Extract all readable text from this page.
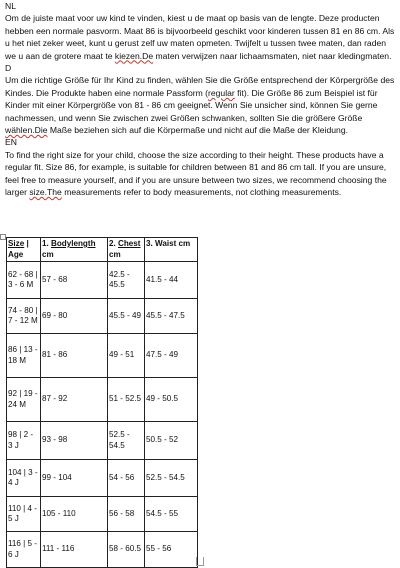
NL

Om de juiste maat voor uw kind te vinden, kiest u de maat op basis van de lengte. Deze producten hebben een normale pasvorm. Maat 86 is bijvoorbeeld geschikt voor kinderen tussen 81 en 86 cm. Als u het niet zeker weet, kunt u gerust zelf uw maten opmeten. Twijfelt u tussen twee maten, dan raden we u aan de grotere maat te kiezen.De maten verwijzen naar lichaamsmaten, niet naar kledingmaten.

D

Um die richtige Größe für Ihr Kind zu finden, wählen Sie die Größe entsprechend der Körpergröße des Kindes. Die Produkte haben eine normale Passform (regular fit). Die Größe 86 zum Beispiel ist für Kinder mit einer Körpergröße von 81 - 86 cm geeignet. Wenn Sie unsicher sind, können Sie gerne nachmessen, und wenn Sie zwischen zwei Größen schwanken, sollten Sie die größere Größe wählen.Die Maße beziehen sich auf die Körpermaße und nicht auf die Maße der Kleidung.

EN

To find the right size for your child, choose the size according to their height. These products have a regular fit. Size 86, for example, is suitable for children between 81 and 86 cm tall. If you are unsure, feel free to measure yourself, and if you are unsure between two sizes, we recommend choosing the larger size.The measurements refer to body measurements, not clothing measurements.

Size | Age	1. Bodylength cm	2. Chest cm	3. Waist cm
62 - 68 | 3 - 6 M	57 - 68	42.5 - 45.5	41.5 - 44
74 - 80 | 7 - 12 M	69 - 80	45.5 - 49	45.5 - 47.5
86 | 13 - 18 M	81 - 86	49 - 51	47.5 - 49
92 | 19 - 24 M	87 - 92	51 - 52.5	49 - 50.5
98 | 2 - 3 J	93 - 98	52.5 - 54.5	50.5 - 52
104 | 3 - 4 J	99 - 104	54 - 56	52.5 - 54.5
110 | 4 - 5 J	105 - 110	56 - 58	54.5 - 55
116 | 5 - 6 J	111 - 116	58 - 60.5	55 - 56
